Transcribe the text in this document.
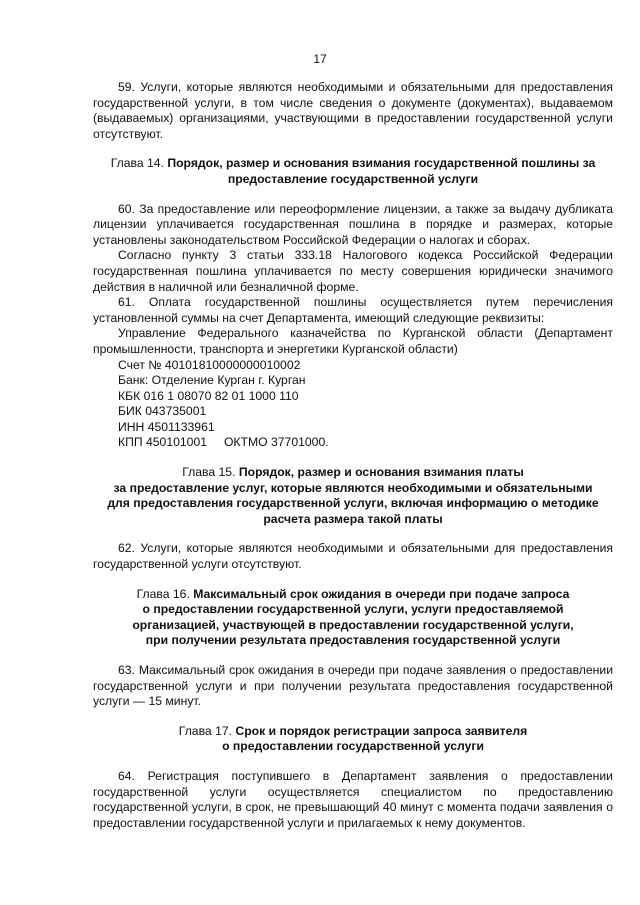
17

59. Услуги, которые являются необходимыми и обязательными для предоставления государственной услуги, в том числе сведения о документе (документах), выдаваемом (выдаваемых) организациями, участвующими в предоставлении государственной услуги отсутствуют.

Глава 14. Порядок, размер и основания взимания государственной пошлины за предоставление государственной услуги

60. За предоставление или переоформление лицензии, а также за выдачу дубликата лицензии уплачивается государственная пошлина в порядке и размерах, которые установлены законодательством Российской Федерации о налогах и сборах.

Согласно пункту 3 статьи 333.18 Налогового кодекса Российской Федерации государственная пошлина уплачивается по месту совершения юридически значимого действия в наличной или безналичной форме.

61. Оплата государственной пошлины осуществляется путем перечисления установленной суммы на счет Департамента, имеющий следующие реквизиты:

Управление Федерального казначейства по Курганской области (Департамент промышленности, транспорта и энергетики Курганской области)

Счет № 40101810000000010002

Банк: Отделение Курган г. Курган

КБК 016 1 08070 82 01 1000 110

БИК 043735001

ИНН 4501133961

КПП 450101001 ОКТМО 37701000.

Глава 15. Порядок, размер и основания взимания платы
за предоставление услуг, которые являются необходимыми и обязательными
для предоставления государственной услуги, включая информацию о методике
расчета размера такой платы

62. Услуги, которые являются необходимыми и обязательными для предоставления государственной услуги отсутствуют.

Глава 16. Максимальный срок ожидания в очереди при подаче запроса
о предоставлении государственной услуги, услуги предоставляемой
организацией, участвующей в предоставлении государственной услуги,
при получении результата предоставления государственной услуги

63. Максимальный срок ожидания в очереди при подаче заявления о предоставлении государственной услуги и при получении результата предоставления государственной услуги — 15 минут.

Глава 17. Срок и порядок регистрации запроса заявителя
о предоставлении государственной услуги

64. Регистрация поступившего в Департамент заявления о предоставлении государственной услуги осуществляется специалистом по предоставлению государственной услуги, в срок, не превышающий 40 минут с момента подачи заявления о предоставлении государственной услуги и прилагаемых к нему документов.
